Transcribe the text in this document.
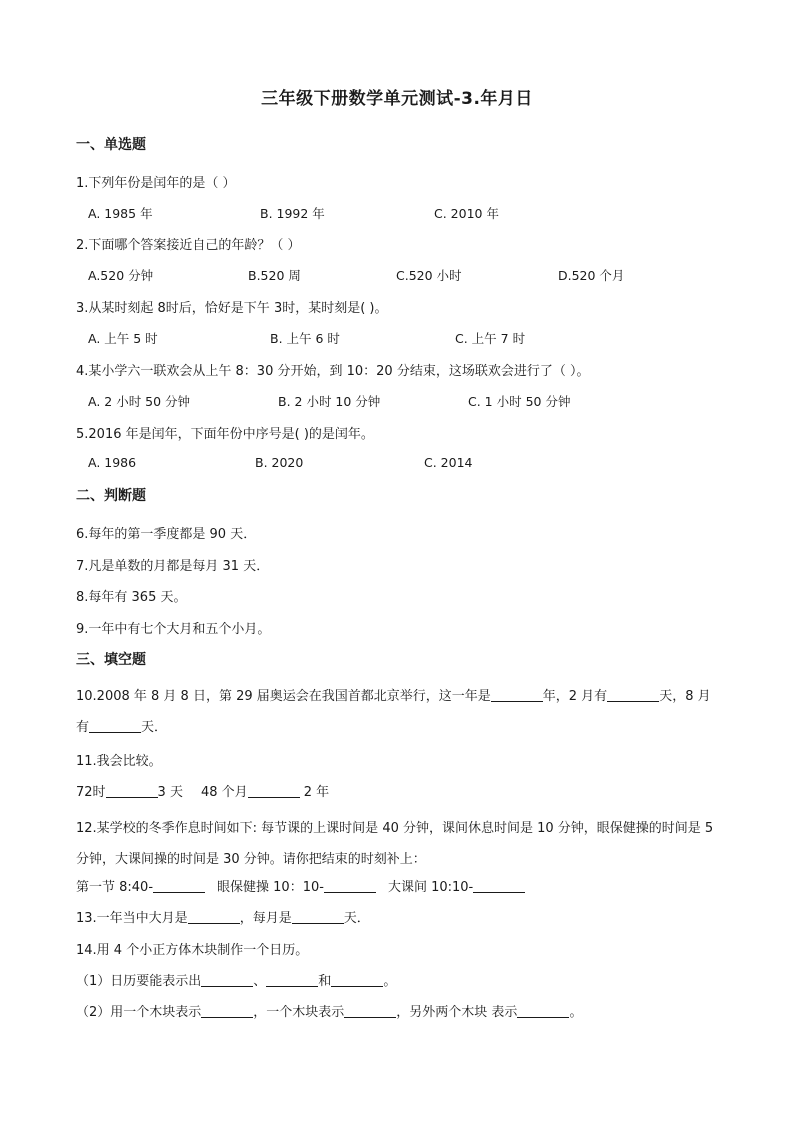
三年级下册数学单元测试-3.年月日
一、单选题
1.下列年份是闰年的是（ ）
A. 1985 年	B. 1992 年	C. 2010 年
2.下面哪个答案接近自己的年龄？（ ）
A.520 分钟	B.520 周	C.520 小时	D.520 个月
3.从某时刻起 8时后，恰好是下午 3时，某时刻是( )。
A. 上午 5 时	B. 上午 6 时	C. 上午 7 时
4.某小学六一联欢会从上午 8：30 分开始，到 10：20 分结束，这场联欢会进行了（ ）。
A. 2 小时 50 分钟	B. 2 小时 10 分钟	C. 1 小时 50 分钟
5.2016 年是闰年，下面年份中序号是( )的是闰年。
A. 1986	B. 2020	C. 2014
二、判断题
6.每年的第一季度都是 90 天．
7.凡是单数的月都是每月 31 天．
8.每年有 365 天。
9.一年中有七个大月和五个小月。
三、填空题
10.2008 年 8 月 8 日，第 29 届奥运会在我国首都北京举行，这一年是	年，2 月有	天，8 月有	天．
11.我会比较。
72时	3 天 48 个月	2 年
12.某学校的冬季作息时间如下: 每节课的上课时间是 40 分钟，课间休息时间是 10 分钟，眼保健操的时间是 5 分钟，大课间操的时间是 30 分钟。请你把结束的时刻补上：
第一节 8:40-	眼保健操 10：10-	大课间 10:10-
13.一年当中大月是	，每月是	天．
14.用 4 个小正方体木块制作一个日历。
（1）日历要能表示出	、	和	。
（2）用一个木块表示	，一个木块表示	，另外两个木块 表示	。
